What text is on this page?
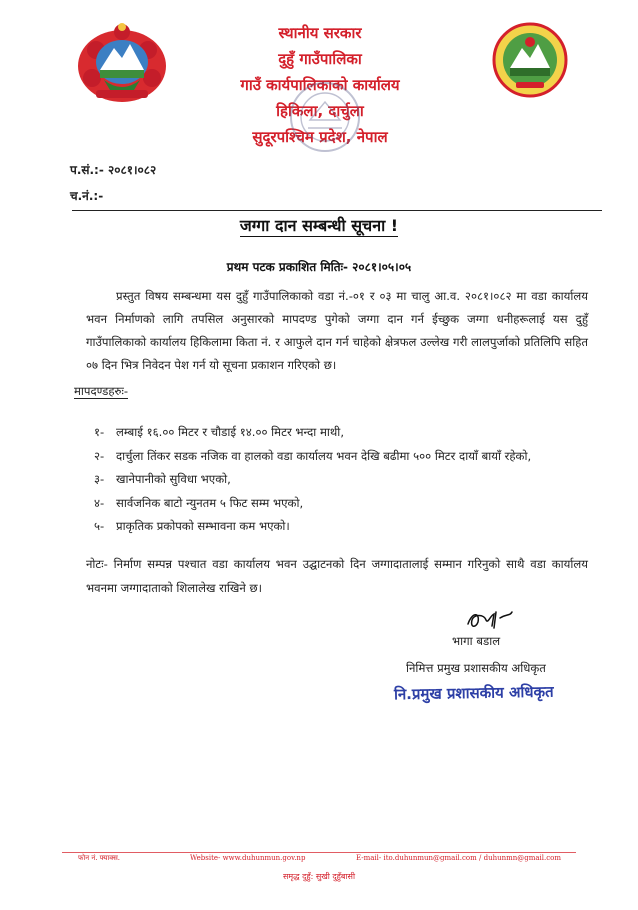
स्थानीय सरकार
दुहुँ गाउँपालिका
गाउँ कार्यपालिकाको कार्यालय
हिकिला, दार्चुला
सुदूरपश्चिम प्रदेश, नेपाल
प.सं.:- २०८१।०८२
च.नं.:-
जग्गा दान सम्बन्धी सूचना !
प्रथम पटक प्रकाशित मितिः- २०८१।०५।०५
प्रस्तुत विषय सम्बन्धमा यस दुहुँ गाउँपालिकाको वडा नं.-०१ र ०३ मा चालु आ.व. २०८१।०८२ मा वडा कार्यालय भवन निर्माणको लागि तपसिल अनुसारको मापदण्ड पुगेको जग्गा दान गर्न ईच्छुक जग्गा धनीहरूलाई यस दुहुँ गाउँपालिकाको कार्यालय हिकिलामा किता नं. र आफुले दान गर्न चाहेको क्षेत्रफल उल्लेख गरी लालपुर्जाको प्रतिलिपि सहित ०७ दिन भित्र निवेदन पेश गर्न यो सूचना प्रकाशन गरिएको छ।
मापदण्डहरुः-
१- लम्बाई १६.०० मिटर र चौडाई १४.०० मिटर भन्दा माथी,
२- दार्चुला तिंकर सडक नजिक वा हालको वडा कार्यालय भवन देखि बढीमा ५०० मिटर दायाँ बायाँ रहेको,
३- खानेपानीको सुविधा भएको,
४- सार्वजनिक बाटो न्युनतम ५ फिट सम्म भएको,
५- प्राकृतिक प्रकोपको सम्भावना कम भएको।
नोटः- निर्माण सम्पन्न पश्चात वडा कार्यालय भवन उद्घाटनको दिन जग्गादातालाई सम्मान गरिनुको साथै वडा कार्यालय भवनमा जग्गादाताको शिलालेख राखिने छ।
भागा बडाल
निमित्त प्रमुख प्रशासकीय अधिकृत
नि.प्रमुख प्रशासकीय अधिकृत
फोन नं. फ्याक्स.	Website- www.duhunmun.gov.np	E-mail- ito.duhunmun@gmail.com / duhunmn@gmail.com
समृद्ध दुहुँ: सुखी दुहुँबासी
